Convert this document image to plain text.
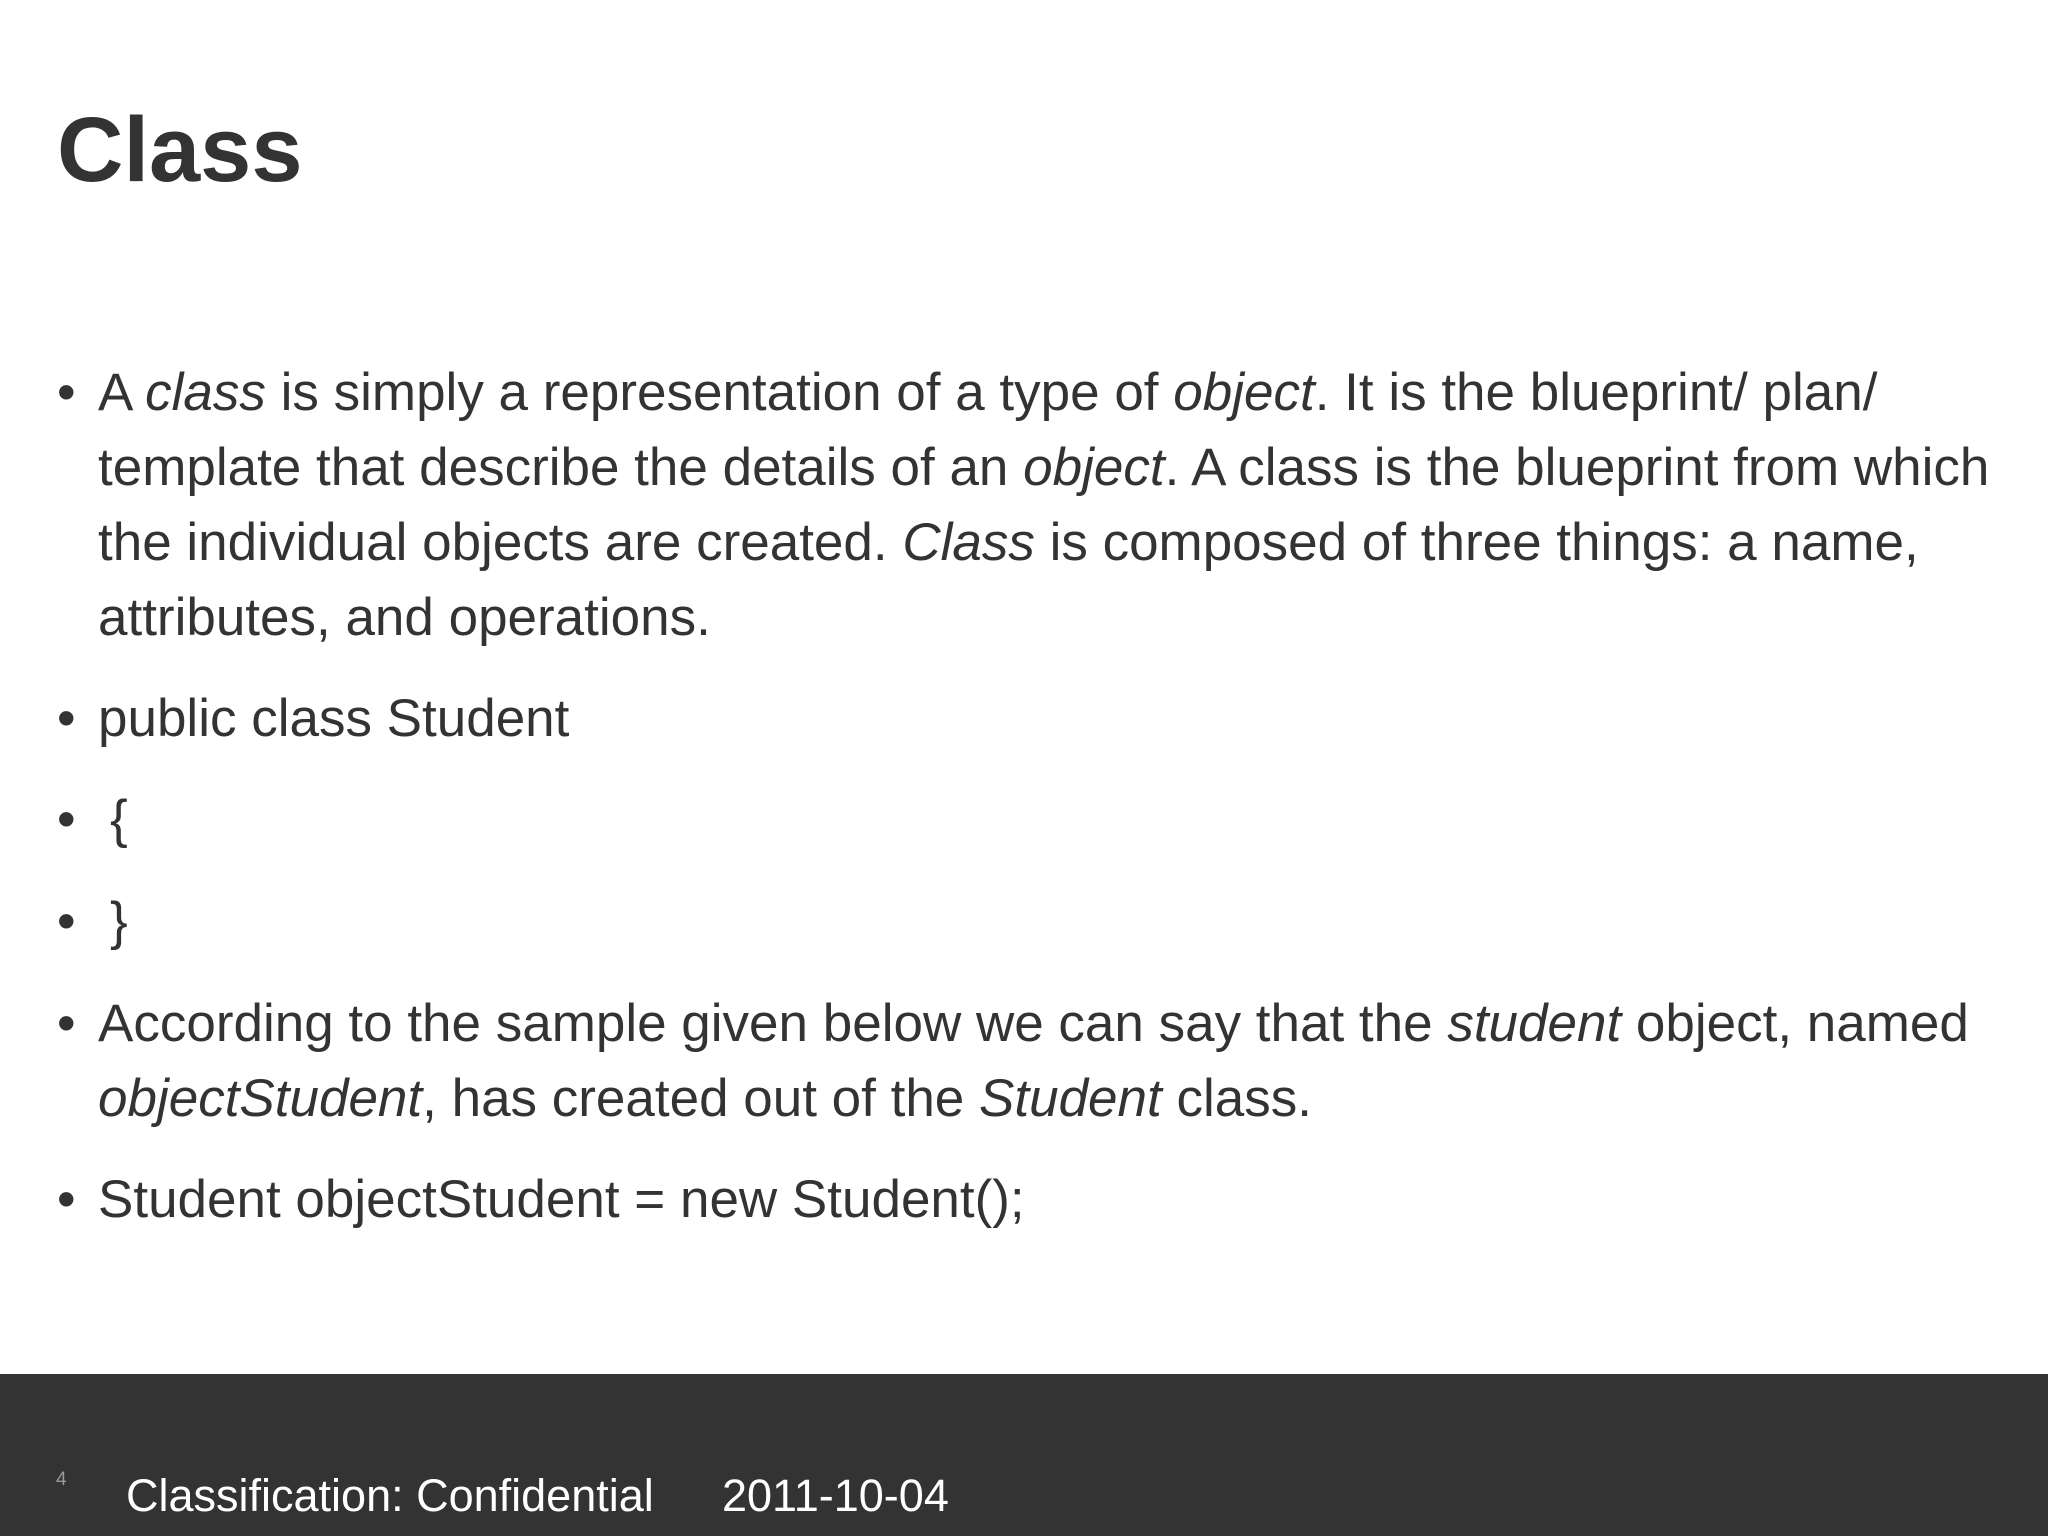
Class
• A class is simply a representation of a type of object. It is the blueprint/ plan/ template that describe the details of an object. A class is the blueprint from which the individual objects are created. Class is composed of three things: a name, attributes, and operations.
• public class Student
• {
• }
• According to the sample given below we can say that the student object, named objectStudent, has created out of the Student class.
• Student objectStudent = new Student();
4 Classification: Confidential 2011-10-04
